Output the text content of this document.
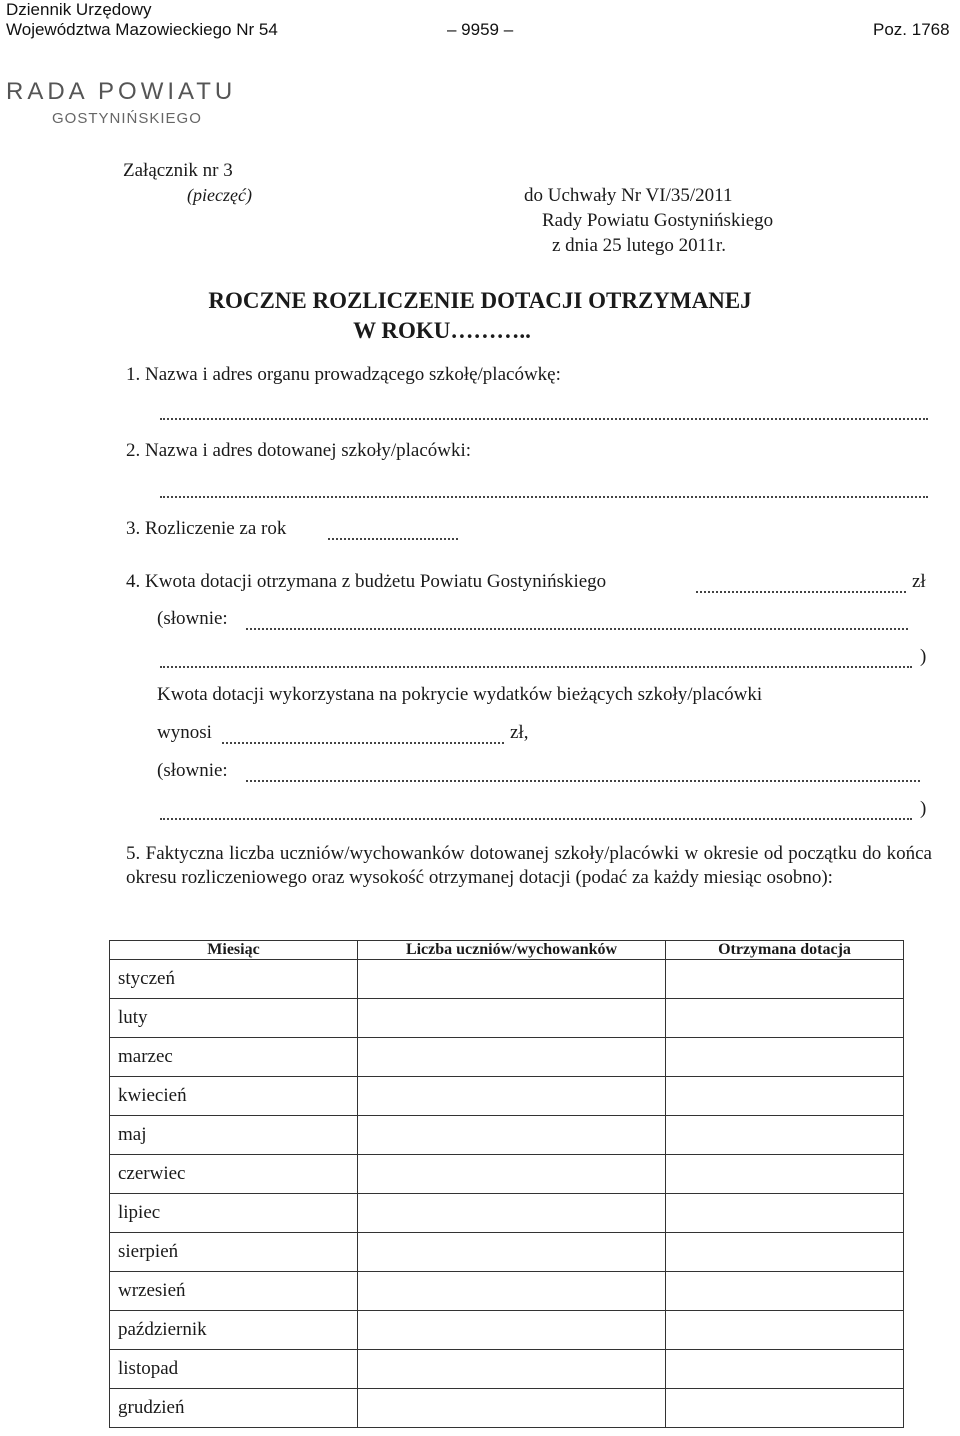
Dziennik Urzędowy
Województwa Mazowieckiego Nr 54	– 9959 –	Poz. 1768
RADA POWIATU
GOSTYNIŃSKIEGO
Załącznik nr 3
(pieczęć)	do Uchwały Nr VI/35/2011
Rady Powiatu Gostynińskiego
z dnia 25 lutego 2011r.
ROCZNE ROZLICZENIE DOTACJI OTRZYMANEJ
W ROKU………..
1. Nazwa i adres organu prowadzącego szkołę/placówkę:
2. Nazwa i adres dotowanej szkoły/placówki:
3. Rozliczenie za rok
4. Kwota dotacji otrzymana z budżetu Powiatu Gostynińskiego	zł
(słownie:
)
Kwota dotacji wykorzystana na pokrycie wydatków bieżących szkoły/placówki
wynosi	zł,
(słownie:
)
5. Faktyczna liczba uczniów/wychowanków dotowanej szkoły/placówki w okresie od początku do końca okresu rozliczeniowego oraz wysokość otrzymanej dotacji (podać za każdy miesiąc osobno):
Miesiąc	Liczba uczniów/wychowanków	Otrzymana dotacja
styczeń		
luty		
marzec		
kwiecień		
maj		
czerwiec		
lipiec		
sierpień		
wrzesień		
październik		
listopad		
grudzień		
